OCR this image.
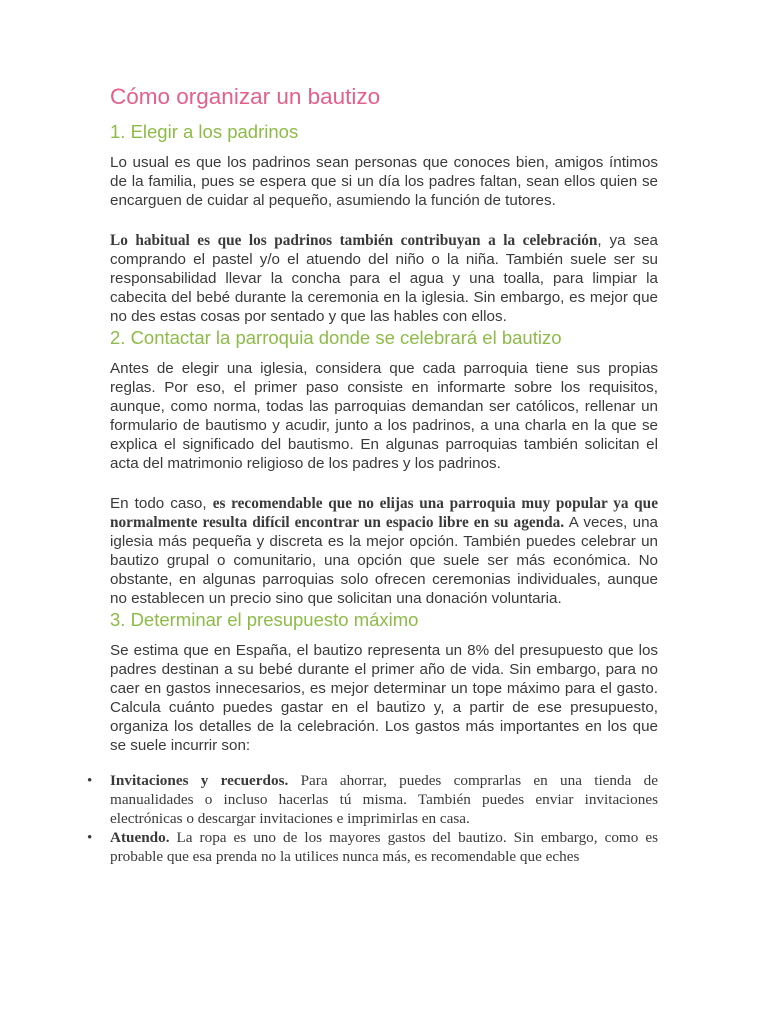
Cómo organizar un bautizo
1. Elegir a los padrinos

Lo usual es que los padrinos sean personas que conoces bien, amigos íntimos de la familia, pues se espera que si un día los padres faltan, sean ellos quien se encarguen de cuidar al pequeño, asumiendo la función de tutores.

Lo habitual es que los padrinos también contribuyan a la celebración, ya sea comprando el pastel y/o el atuendo del niño o la niña. También suele ser su responsabilidad llevar la concha para el agua y una toalla, para limpiar la cabecita del bebé durante la ceremonia en la iglesia. Sin embargo, es mejor que no des estas cosas por sentado y que las hables con ellos.

2. Contactar la parroquia donde se celebrará el bautizo

Antes de elegir una iglesia, considera que cada parroquia tiene sus propias reglas. Por eso, el primer paso consiste en informarte sobre los requisitos, aunque, como norma, todas las parroquias demandan ser católicos, rellenar un formulario de bautismo y acudir, junto a los padrinos, a una charla en la que se explica el significado del bautismo. En algunas parroquias también solicitan el acta del matrimonio religioso de los padres y los padrinos.

En todo caso, es recomendable que no elijas una parroquia muy popular ya que normalmente resulta difícil encontrar un espacio libre en su agenda. A veces, una iglesia más pequeña y discreta es la mejor opción. También puedes celebrar un bautizo grupal o comunitario, una opción que suele ser más económica. No obstante, en algunas parroquias solo ofrecen ceremonias individuales, aunque no establecen un precio sino que solicitan una donación voluntaria.

3. Determinar el presupuesto máximo

Se estima que en España, el bautizo representa un 8% del presupuesto que los padres destinan a su bebé durante el primer año de vida. Sin embargo, para no caer en gastos innecesarios, es mejor determinar un tope máximo para el gasto. Calcula cuánto puedes gastar en el bautizo y, a partir de ese presupuesto, organiza los detalles de la celebración. Los gastos más importantes en los que se suele incurrir son:

• Invitaciones y recuerdos. Para ahorrar, puedes comprarlas en una tienda de manualidades o incluso hacerlas tú misma. También puedes enviar invitaciones electrónicas o descargar invitaciones e imprimirlas en casa.
• Atuendo. La ropa es uno de los mayores gastos del bautizo. Sin embargo, como es probable que esa prenda no la utilices nunca más, es recomendable que eches
